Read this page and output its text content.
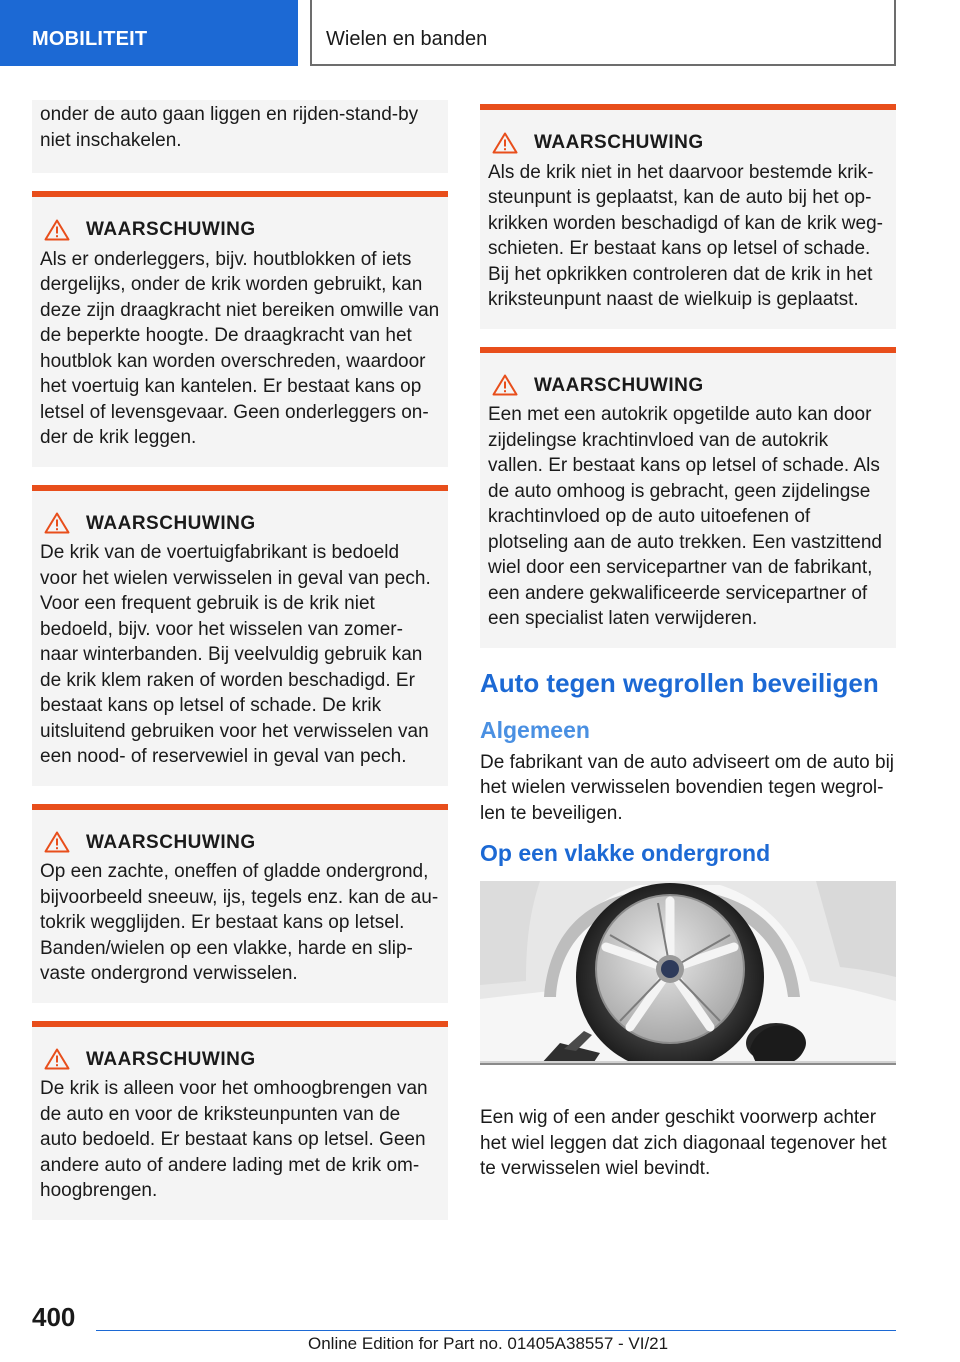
MOBILITEIT	Wielen en banden

onder de auto gaan liggen en rijden-stand-by niet inschakelen.

WAARSCHUWING

Als er onderleggers, bijv. houtblokken of iets dergelijks, onder de krik worden gebruikt, kan deze zijn draagkracht niet bereiken omwille van de beperkte hoogte. De draagkracht van het houtblok kan worden overschreden, waardoor het voertuig kan kantelen. Er bestaat kans op letsel of levensgevaar. Geen onderleggers onder de krik leggen.

WAARSCHUWING

De krik van de voertuigfabrikant is bedoeld voor het wielen verwisselen in geval van pech. Voor een frequent gebruik is de krik niet bedoeld, bijv. voor het wisselen van zomer- naar winterbanden. Bij veelvuldig gebruik kan de krik klem raken of worden beschadigd. Er bestaat kans op letsel of schade. De krik uitsluitend gebruiken voor het verwisselen van een nood- of reservewiel in geval van pech.

WAARSCHUWING

Op een zachte, oneffen of gladde ondergrond, bijvoorbeeld sneeuw, ijs, tegels enz. kan de autokrik wegglijden. Er bestaat kans op letsel. Banden/wielen op een vlakke, harde en slipvaste ondergrond verwisselen.

WAARSCHUWING

De krik is alleen voor het omhoogbrengen van de auto en voor de kriksteunpunten van de auto bedoeld. Er bestaat kans op letsel. Geen andere auto of andere lading met de krik omhoogbrengen.

WAARSCHUWING

Als de krik niet in het daarvoor bestemde kriksteunpunt is geplaatst, kan de auto bij het opkrikken worden beschadigd of kan de krik wegschieten. Er bestaat kans op letsel of schade. Bij het opkrikken controleren dat de krik in het kriksteunpunt naast de wielkuip is geplaatst.

WAARSCHUWING

Een met een autokrik opgetilde auto kan door zijdelingse krachtinvloed van de autokrik vallen. Er bestaat kans op letsel of schade. Als de auto omhoog is gebracht, geen zijdelingse krachtinvloed op de auto uitoefenen of plotseling aan de auto trekken. Een vastzittend wiel door een servicepartner van de fabrikant, een andere gekwalificeerde servicepartner of een specialist laten verwijderen.

Auto tegen wegrollen beveiligen
Algemeen

De fabrikant van de auto adviseert om de auto bij het wielen verwisselen bovendien tegen wegrollen te beveiligen.

Op een vlakke ondergrond

Een wig of een ander geschikt voorwerp achter het wiel leggen dat zich diagonaal tegenover het te verwisselen wiel bevindt.

400
Online Edition for Part no. 01405A38557 - VI/21
